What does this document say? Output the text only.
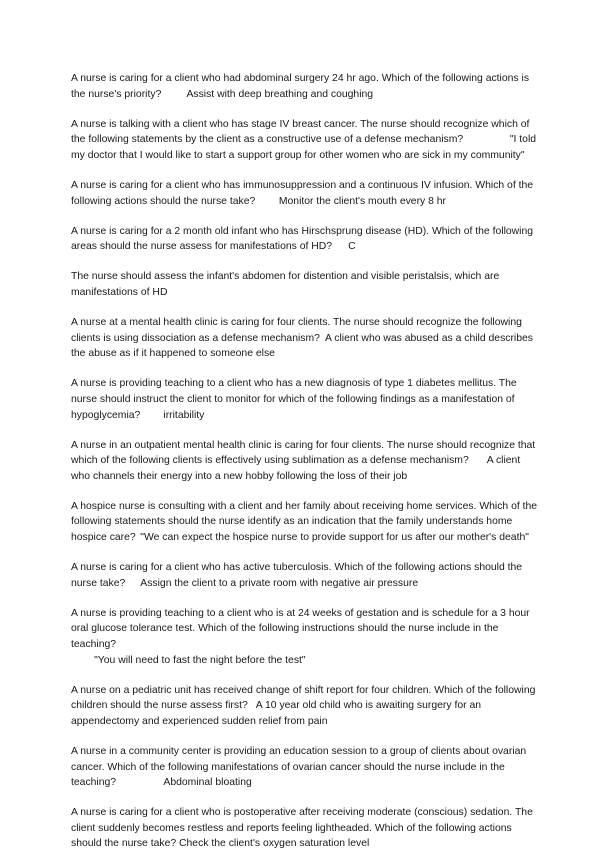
A nurse is caring for a client who had abdominal surgery 24 hr ago. Which of the following actions is the nurse's priority?		Assist with deep breathing and coughing

A nurse is talking with a client who has stage IV breast cancer. The nurse should recognize which of the following statements by the client as a constructive use of a defense mechanism?		"I told my doctor that I would like to start a support group for other women who are sick in my community"

A nurse is caring for a client who has immunosuppression and a continuous IV infusion. Which of the following actions should the nurse take?	Monitor the client's mouth every 8 hr

A nurse is caring for a 2 month old infant who has Hirschsprung disease (HD). Which of the following areas should the nurse assess for manifestations of HD?	C

The nurse should assess the infant's abdomen for distention and visible peristalsis, which are manifestations of HD

A nurse at a mental health clinic is caring for four clients. The nurse should recognize the following clients is using dissociation as a defense mechanism?	A client who was abused as a child describes the abuse as if it happened to someone else

A nurse is providing teaching to a client who has a new diagnosis of type 1 diabetes mellitus. The nurse should instruct the client to monitor for which of the following findings as a manifestation of hypoglycemia?	irritability

A nurse in an outpatient mental health clinic is caring for four clients. The nurse should recognize that which of the following clients is effectively using sublimation as a defense mechanism?	A client who channels their energy into a new hobby following the loss of their job

A hospice nurse is consulting with a client and her family about receiving home services. Which of the following statements should the nurse identify as an indication that the family understands home hospice care?	"We can expect the hospice nurse to provide support for us after our mother's death"

A nurse is caring for a client who has active tuberculosis. Which of the following actions should the nurse take?	Assign the client to a private room with negative air pressure

A nurse is providing teaching to a client who is at 24 weeks of gestation and is schedule for a 3 hour oral glucose tolerance test. Which of the following instructions should the nurse include in the teaching?
	"You will need to fast the night before the test"

A nurse on a pediatric unit has received change of shift report for four children. Which of the following children should the nurse assess first?	A 10 year old child who is awaiting surgery for an appendectomy and experienced sudden relief from pain

A nurse in a community center is providing an education session to a group of clients about ovarian cancer. Which of the following manifestations of ovarian cancer should the nurse include in the teaching?		Abdominal bloating

A nurse is caring for a client who is postoperative after receiving moderate (conscious) sedation. The client suddenly becomes restless and reports feeling lightheaded. Which of the following actions should the nurse take? Check the client's oxygen saturation level
